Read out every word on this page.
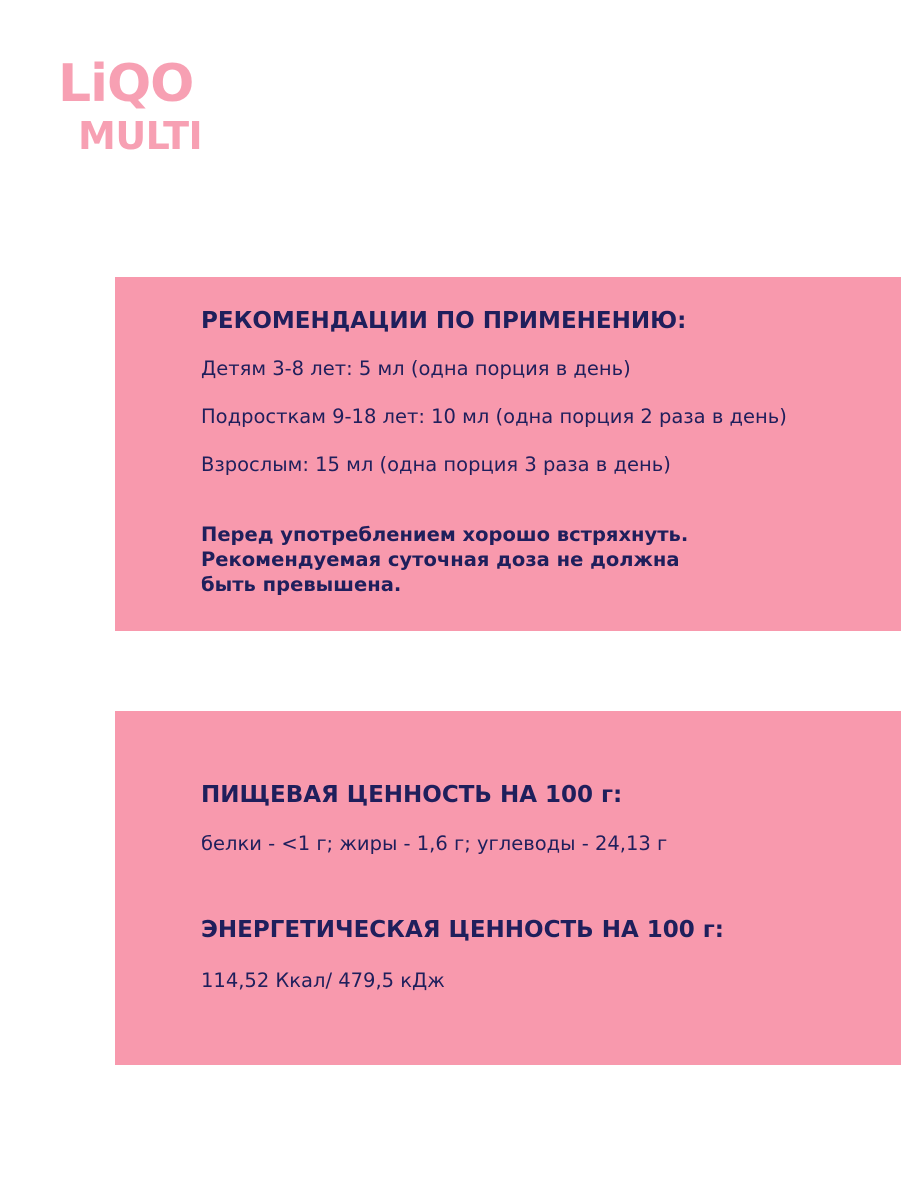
LiQO
MULTI
РЕКОМЕНДАЦИИ ПО ПРИМЕНЕНИЮ:
Детям 3-8 лет: 5 мл (одна порция в день)
Подросткам 9-18 лет: 10 мл (одна порция 2 раза в день)
Взрослым: 15 мл (одна порция 3 раза в день)
Перед употреблением хорошо встряхнуть.
Рекомендуемая суточная доза не должна
быть превышена.
ПИЩЕВАЯ ЦЕННОСТЬ НА 100 г:
белки - <1 г; жиры - 1,6 г; углеводы - 24,13 г
ЭНЕРГЕТИЧЕСКАЯ ЦЕННОСТЬ НА 100 г:
114,52 Ккал/ 479,5 кДж
